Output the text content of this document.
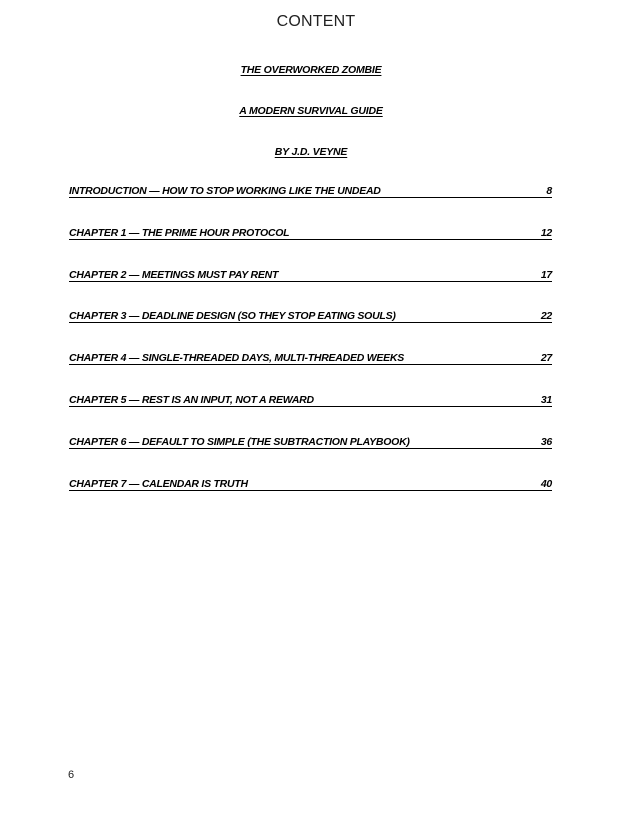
CONTENT
THE OVERWORKED ZOMBIE
A MODERN SURVIVAL GUIDE
BY J.D. VEYNE
INTRODUCTION — HOW TO STOP WORKING LIKE THE UNDEAD	8
CHAPTER 1 — THE PRIME HOUR PROTOCOL	12
CHAPTER 2 — MEETINGS MUST PAY RENT	17
CHAPTER 3 — DEADLINE DESIGN (SO THEY STOP EATING SOULS)	22
CHAPTER 4 — SINGLE-THREADED DAYS, MULTI-THREADED WEEKS	27
CHAPTER 5 — REST IS AN INPUT, NOT A REWARD	31
CHAPTER 6 — DEFAULT TO SIMPLE (THE SUBTRACTION PLAYBOOK)	36
CHAPTER 7 — CALENDAR IS TRUTH	40
6
